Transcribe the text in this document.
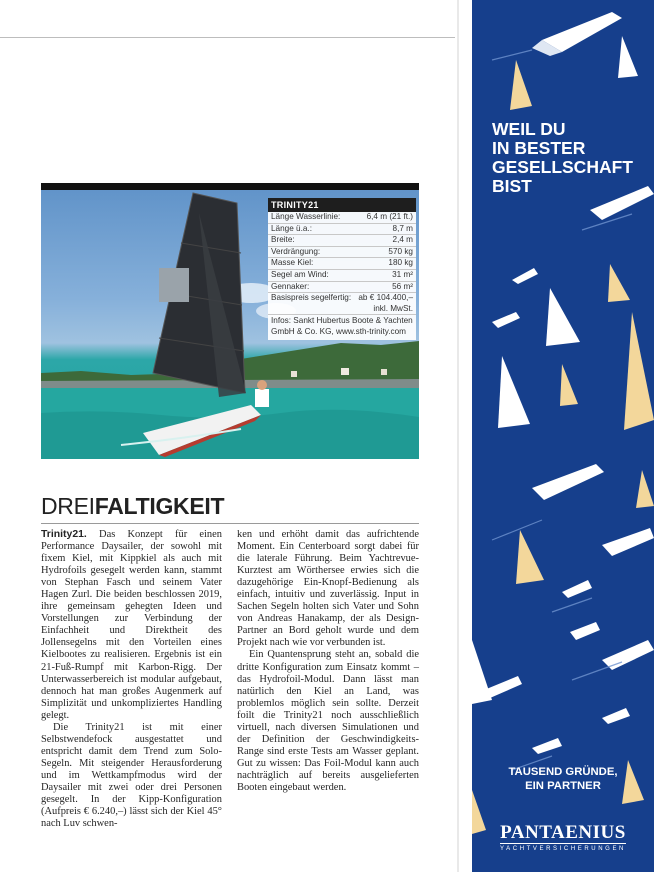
TRINITY21
Länge Wasserlinie:	6,4 m (21 ft.)
Länge ü.a.:	8,7 m
Breite:	2,4 m
Verdrängung:	570 kg
Masse Kiel:	180 kg
Segel am Wind:	31 m²
Gennaker:	56 m²
Basispreis segelfertig: ab € 104.400,–
inkl. MwSt.
Infos: Sankt Hubertus Boote & Yachten GmbH & Co. KG, www.sth-trinity.com
DREIFALTIGKEIT

Trinity21. Das Konzept für einen Performance Daysailer, der sowohl mit fixem Kiel, mit Kippkiel als auch mit Hydrofoils gesegelt werden kann, stammt von Stephan Fasch und seinem Vater Hagen Zurl. Die beiden beschlossen 2019, ihre gemeinsam gehegten Ideen und Vorstellungen zur Verbindung der Einfachheit und Direktheit des Jollensegelns mit den Vorteilen eines Kielbootes zu realisieren. Ergebnis ist ein 21-Fuß-Rumpf mit Karbon-Rigg. Der Unterwasserbereich ist modular aufgebaut, dennoch hat man großes Augenmerk auf Simplizität und unkompliziertes Handling gelegt.

Die Trinity21 ist mit einer Selbstwendefock ausgestattet und entspricht damit dem Trend zum Solo-Segeln. Mit steigender Herausforderung und im Wettkampfmodus wird der Daysailer mit zwei oder drei Personen gesegelt. In der Kipp-Konfiguration (Aufpreis € 6.240,–) lässt sich der Kiel 45° nach Luv schwen-

ken und erhöht damit das aufrichtende Moment. Ein Centerboard sorgt dabei für die laterale Führung. Beim Yachtrevue-Kurztest am Wörthersee erwies sich die dazugehörige Ein-Knopf-Bedienung als einfach, intuitiv und zuverlässig. Input in Sachen Segeln holten sich Vater und Sohn von Andreas Hanakamp, der als Design-Partner an Bord geholt wurde und dem Projekt nach wie vor verbunden ist.

Ein Quantensprung steht an, sobald die dritte Konfiguration zum Einsatz kommt – das Hydrofoil-Modul. Dann lässt man natürlich den Kiel an Land, was problemlos möglich sein sollte. Derzeit foilt die Trinity21 noch ausschließlich virtuell, nach diversen Simulationen und der Definition der Geschwindigkeits-Range sind erste Tests am Wasser geplant. Gut zu wissen: Das Foil-Modul kann auch nachträglich auf bereits ausgelieferten Booten eingebaut werden.

WEIL DU
IN BESTER
GESELLSCHAFT
BIST
TAUSEND GRÜNDE,
EIN PARTNER
PANTAENIUS
YACHTVERSICHERUNGEN
